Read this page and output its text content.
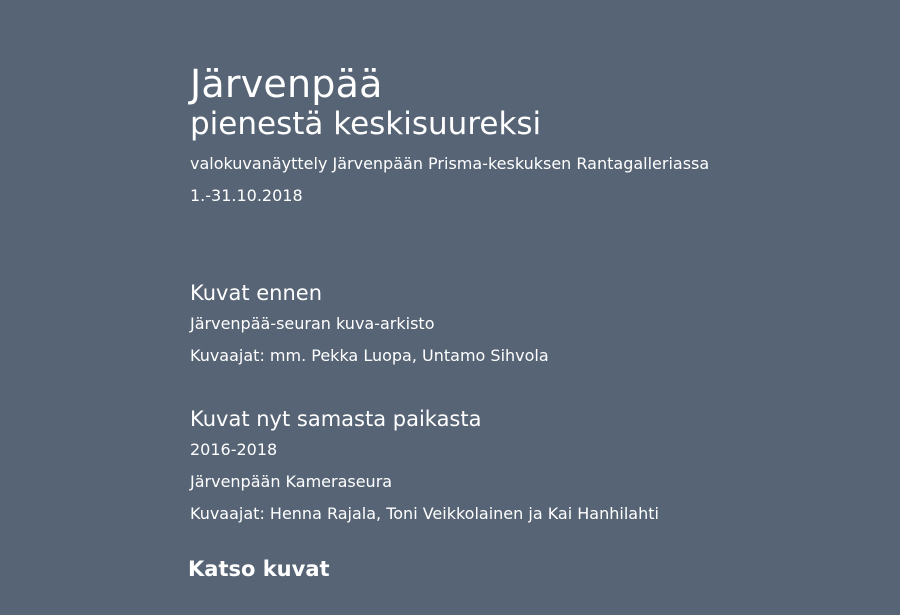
Järvenpää
pienestä keskisuureksi

valokuvanäyttely Järvenpään Prisma-keskuksen Rantagalleriassa

1.-31.10.2018

Kuvat ennen

Järvenpää-seuran kuva-arkisto

Kuvaajat: mm. Pekka Luopa, Untamo Sihvola

Kuvat nyt samasta paikasta

2016-2018

Järvenpään Kameraseura

Kuvaajat: Henna Rajala, Toni Veikkolainen ja Kai Hanhilahti

Katso kuvat
